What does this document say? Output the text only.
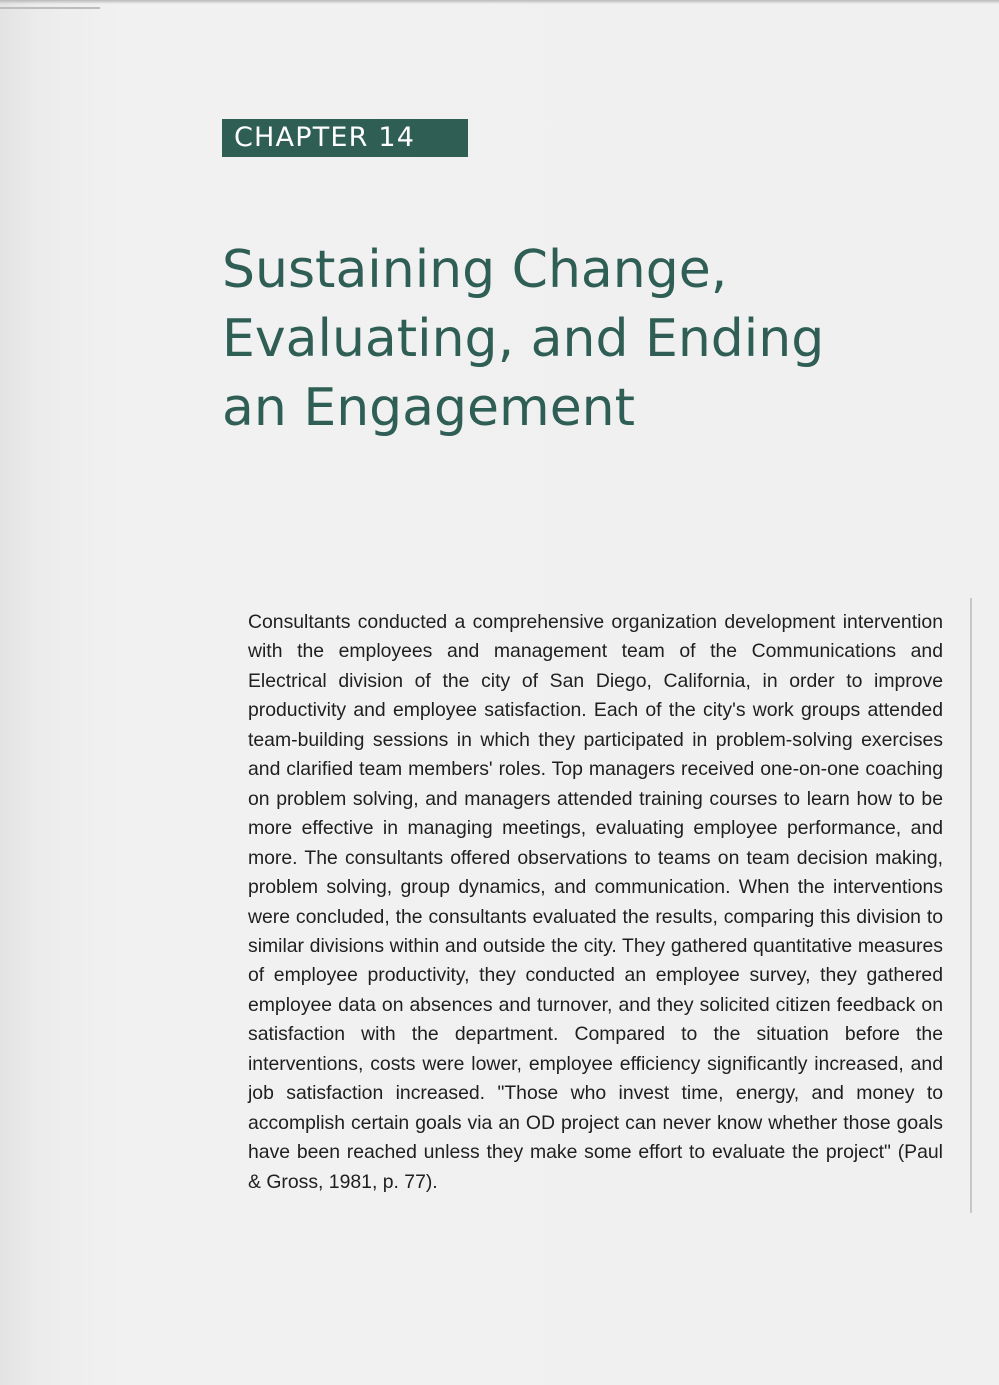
CHAPTER 14
Sustaining Change,
Evaluating, and Ending
an Engagement

Consultants conducted a comprehensive organization development intervention with the employees and management team of the Communications and Electrical division of the city of San Diego, California, in order to improve productivity and employee satisfaction. Each of the city's work groups attended team-building sessions in which they participated in problem-solving exercises and clarified team members' roles. Top managers received one-on-one coaching on problem solving, and managers attended training courses to learn how to be more effective in managing meetings, evaluating employee performance, and more. The consultants offered observations to teams on team decision making, problem solving, group dynamics, and communication. When the interventions were concluded, the consultants evaluated the results, comparing this division to similar divisions within and outside the city. They gathered quantitative measures of employee productivity, they conducted an employee survey, they gathered employee data on absences and turnover, and they solicited citizen feedback on satisfaction with the department. Compared to the situation before the interventions, costs were lower, employee efficiency significantly increased, and job satisfaction increased. "Those who invest time, energy, and money to accomplish certain goals via an OD project can never know whether those goals have been reached unless they make some effort to evaluate the project" (Paul & Gross, 1981, p. 77).
